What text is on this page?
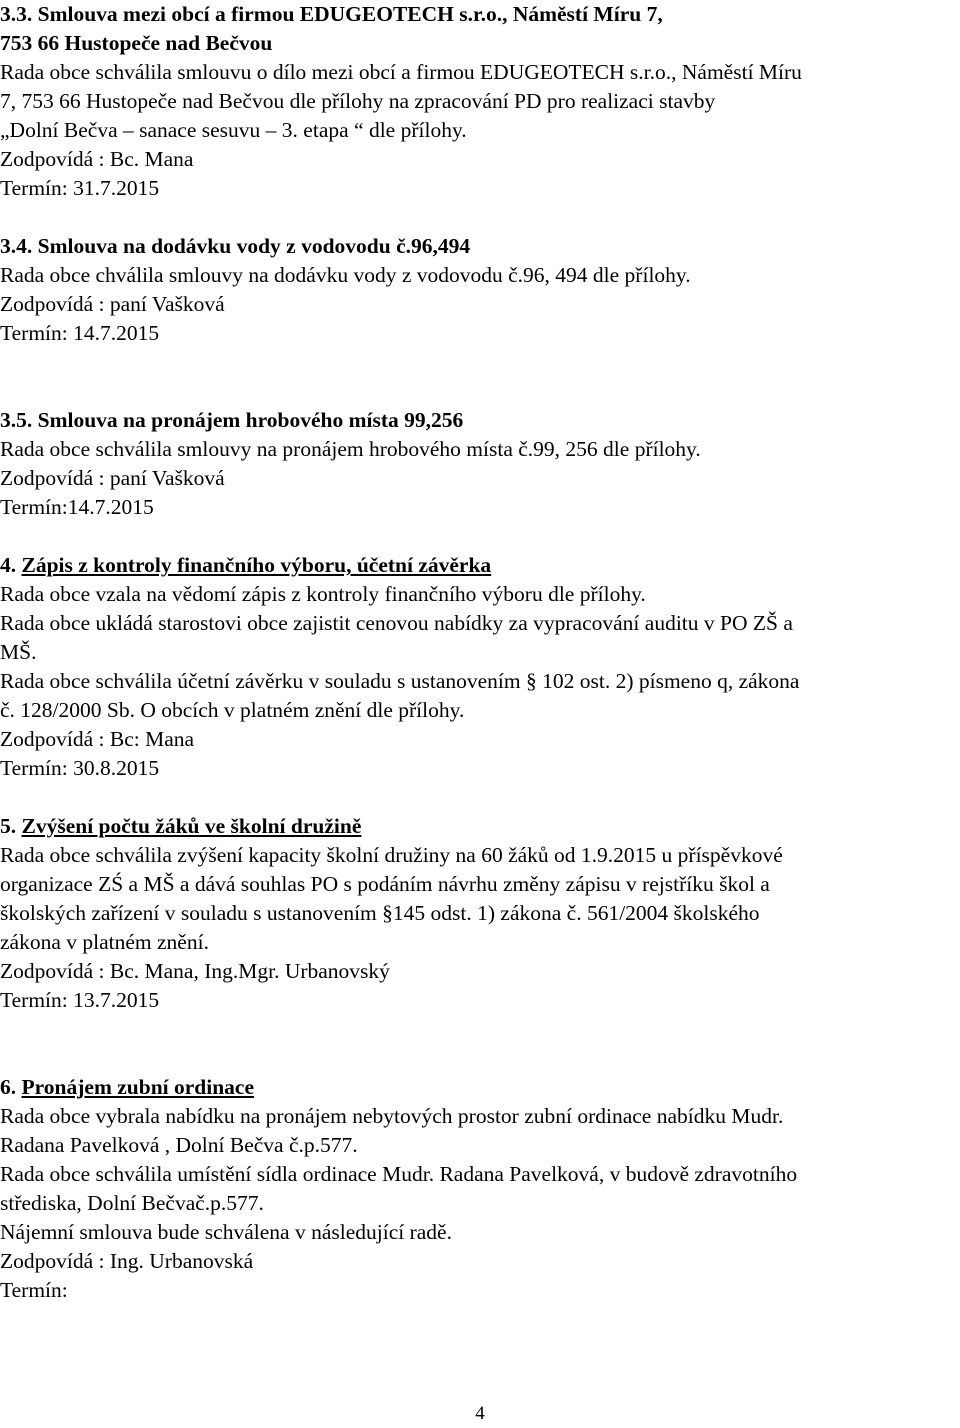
3.3. Smlouva mezi obcí a firmou EDUGEOTECH s.r.o., Náměstí Míru 7,
753 66 Hustopeče nad Bečvou
Rada obce schválila smlouvu o dílo mezi obcí a firmou EDUGEOTECH s.r.o., Náměstí Míru
7, 753 66 Hustopeče nad Bečvou dle přílohy na zpracování PD pro realizaci stavby
„Dolní Bečva – sanace sesuvu – 3. etapa “ dle přílohy.
Zodpovídá : Bc. Mana
Termín: 31.7.2015
3.4. Smlouva na dodávku vody z vodovodu č.96,494
Rada obce chválila smlouvy na dodávku vody z vodovodu č.96, 494 dle přílohy.
Zodpovídá : paní Vašková
Termín: 14.7.2015
3.5. Smlouva na pronájem hrobového místa 99,256
Rada obce schválila smlouvy na pronájem hrobového místa č.99, 256 dle přílohy.
Zodpovídá : paní Vašková
Termín:14.7.2015
4. Zápis z kontroly finančního výboru, účetní závěrka
Rada obce vzala na vědomí zápis z kontroly finančního výboru dle přílohy.
Rada obce ukládá starostovi obce zajistit cenovou nabídky za vypracování auditu v PO ZŠ a
MŠ.
Rada obce schválila účetní závěrku v souladu s ustanovením § 102 ost. 2) písmeno q, zákona
č. 128/2000 Sb. O obcích v platném znění dle přílohy.
Zodpovídá : Bc: Mana
Termín: 30.8.2015
5. Zvýšení počtu žáků ve školní družině
Rada obce schválila zvýšení kapacity školní družiny na 60 žáků od 1.9.2015 u příspěvkové
organizace ZŚ a MŠ a dává souhlas PO s podáním návrhu změny zápisu v rejstříku škol a
školských zařízení v souladu s ustanovením §145 odst. 1) zákona č. 561/2004 školského
zákona v platném znění.
Zodpovídá : Bc. Mana, Ing.Mgr. Urbanovský
Termín: 13.7.2015
6. Pronájem zubní ordinace
Rada obce vybrala nabídku na pronájem nebytových prostor zubní ordinace nabídku Mudr.
Radana Pavelková , Dolní Bečva č.p.577.
Rada obce schválila umístění sídla ordinace Mudr. Radana Pavelková, v budově zdravotního
střediska, Dolní Bečvač.p.577.
Nájemní smlouva bude schválena v následující radě.
Zodpovídá : Ing. Urbanovská
Termín:
4
